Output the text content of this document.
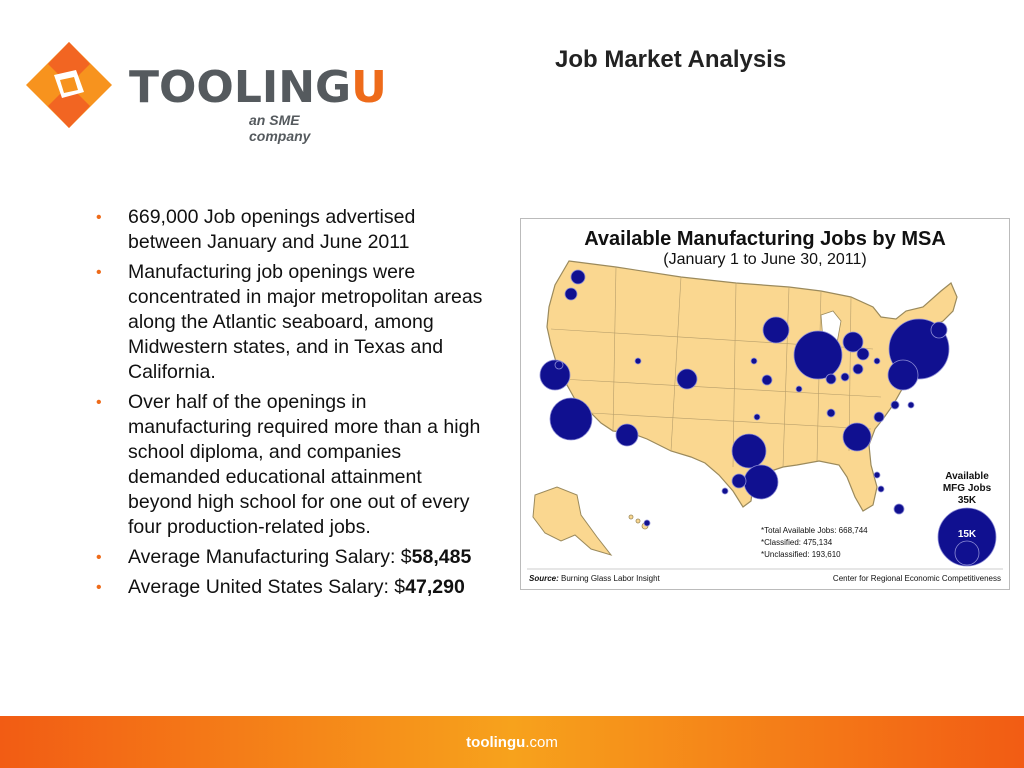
TOOLINGU
an SME company
Job Market Analysis
• 669,000 Job openings advertised between January and June 2011
• Manufacturing job openings were concentrated in major metropolitan areas along the Atlantic seaboard, among Midwestern states, and in Texas and California.
• Over half of the openings in manufacturing required more than a high school diploma, and companies demanded educational attainment beyond high school for one out of every four production-related jobs.
• Average Manufacturing Salary: $58,485
• Average United States Salary: $47,290
Available Manufacturing Jobs by MSA
(January 1 to June 30, 2011)
Available
MFG Jobs
35K
15K
*Total Available Jobs: 668,744
*Classified: 475,134
*Unclassified: 193,610
Source: Burning Glass Labor Insight	Center for Regional Economic Competitiveness
toolingu.com
